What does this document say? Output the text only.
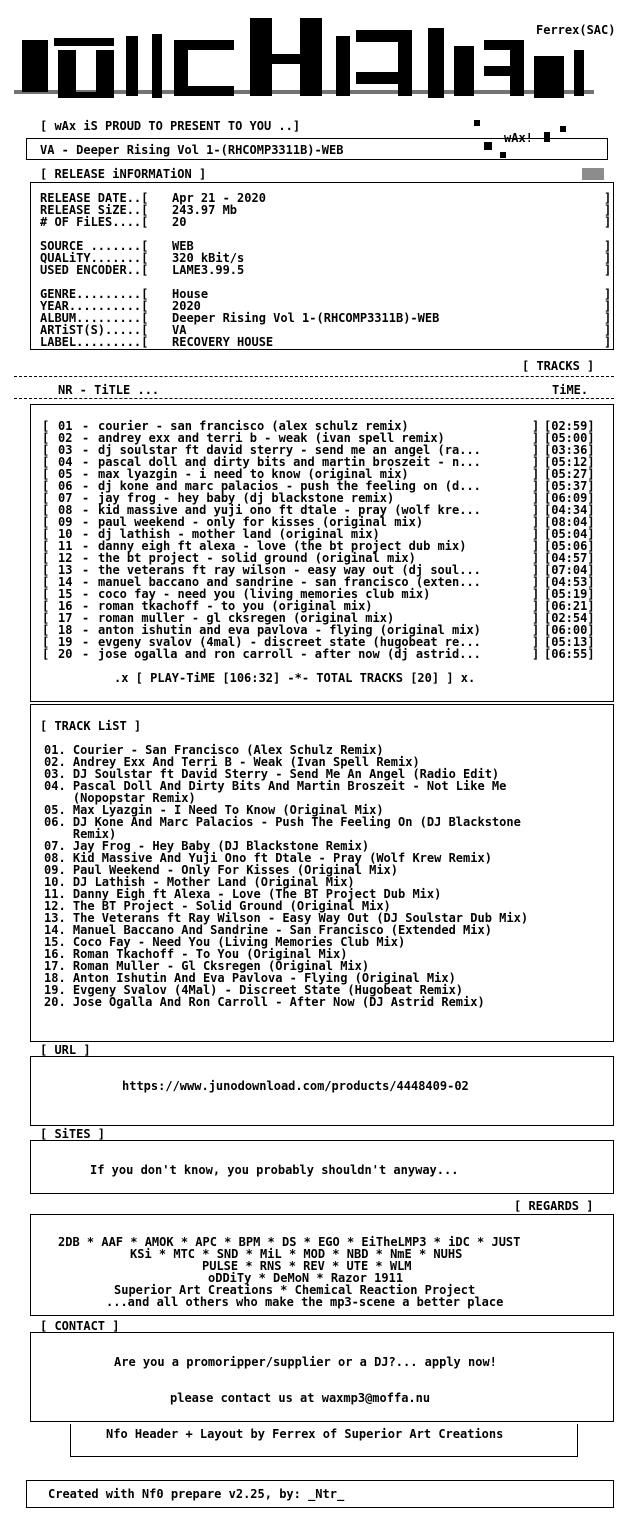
Ferrex(SAC)
[ wAx iS PROUD TO PRESENT TO YOU ..]
wAx!
VA - Deeper Rising Vol 1-(RHCOMP3311B)-WEB
[ RELEASE iNFORMATiON ]
RELEASE DATE..[ Apr 21 - 2020	]
RELEASE SiZE..[ 243.97 Mb	]
# OF FiLES....[ 20	]
SOURCE .......[ WEB	]
QUALiTY.......[ 320 kBit/s	]
USED ENCODER..[ LAME3.99.5	]
GENRE.........[ House	]
YEAR..........[ 2020	]
ALBUM.........[ Deeper Rising Vol 1-(RHCOMP3311B)-WEB	]
ARTiST(S).....[ VA	]
LABEL.........[ RECOVERY HOUSE	]
[ TRACKS ]
NR - TiTLE ...	TiME.
[ 01 - courier - san francisco (alex schulz remix)	] [02:59]
[ 02 - andrey exx and terri b - weak (ivan spell remix)	] [05:00]
[ 03 - dj soulstar ft david sterry - send me an angel (ra...	] [03:36]
[ 04 - pascal doll and dirty bits and martin broszeit - n...	] [05:12]
[ 05 - max lyazgin - i need to know (original mix)	] [05:27]
[ 06 - dj kone and marc palacios - push the feeling on (d...	] [05:37]
[ 07 - jay frog - hey baby (dj blackstone remix)	] [06:09]
[ 08 - kid massive and yuji ono ft dtale - pray (wolf kre...	] [04:34]
[ 09 - paul weekend - only for kisses (original mix)	] [08:04]
[ 10 - dj lathish - mother land (original mix)	] [05:04]
[ 11 - danny eigh ft alexa - love (the bt project dub mix)	] [05:06]
[ 12 - the bt project - solid ground (original mix)	] [04:57]
[ 13 - the veterans ft ray wilson - easy way out (dj soul...	] [07:04]
[ 14 - manuel baccano and sandrine - san francisco (exten...	] [04:53]
[ 15 - coco fay - need you (living memories club mix)	] [05:19]
[ 16 - roman tkachoff - to you (original mix)	] [06:21]
[ 17 - roman muller - gl cksregen (original mix)	] [02:54]
[ 18 - anton ishutin and eva pavlova - flying (original mix)	] [06:00]
[ 19 - evgeny svalov (4mal) - discreet state (hugobeat re...	] [05:13]
[ 20 - jose ogalla and ron carroll - after now (dj astrid...	] [06:55]
.x [ PLAY-TiME [106:32] -*- TOTAL TRACKS [20] ] x.
[ TRACK LiST ]
01. Courier - San Francisco (Alex Schulz Remix)
02. Andrey Exx And Terri B - Weak (Ivan Spell Remix)
03. DJ Soulstar ft David Sterry - Send Me An Angel (Radio Edit)
04. Pascal Doll And Dirty Bits And Martin Broszeit - Not Like Me
(Nopopstar Remix)
05. Max Lyazgin - I Need To Know (Original Mix)
06. DJ Kone And Marc Palacios - Push The Feeling On (DJ Blackstone
Remix)
07. Jay Frog - Hey Baby (DJ Blackstone Remix)
08. Kid Massive And Yuji Ono ft Dtale - Pray (Wolf Krew Remix)
09. Paul Weekend - Only For Kisses (Original Mix)
10. DJ Lathish - Mother Land (Original Mix)
11. Danny Eigh ft Alexa - Love (The BT Project Dub Mix)
12. The BT Project - Solid Ground (Original Mix)
13. The Veterans ft Ray Wilson - Easy Way Out (DJ Soulstar Dub Mix)
14. Manuel Baccano And Sandrine - San Francisco (Extended Mix)
15. Coco Fay - Need You (Living Memories Club Mix)
16. Roman Tkachoff - To You (Original Mix)
17. Roman Muller - Gl Cksregen (Original Mix)
18. Anton Ishutin And Eva Pavlova - Flying (Original Mix)
19. Evgeny Svalov (4Mal) - Discreet State (Hugobeat Remix)
20. Jose Ogalla And Ron Carroll - After Now (DJ Astrid Remix)
[ URL ]
https://www.junodownload.com/products/4448409-02
[ SiTES ]
If you don't know, you probably shouldn't anyway...
[ REGARDS ]
2DB * AAF * AMOK * APC * BPM * DS * EGO * EiTheLMP3 * iDC * JUST
KSi * MTC * SND * MiL * MOD * NBD * NmE * NUHS
PULSE * RNS * REV * UTE * WLM
oDDiTy * DeMoN * Razor 1911
Superior Art Creations * Chemical Reaction Project
...and all others who make the mp3-scene a better place
[ CONTACT ]
Are you a promoripper/supplier or a DJ?... apply now!
please contact us at waxmp3@moffa.nu
Nfo Header + Layout by Ferrex of Superior Art Creations
Created with Nf0 prepare v2.25, by: _Ntr_
